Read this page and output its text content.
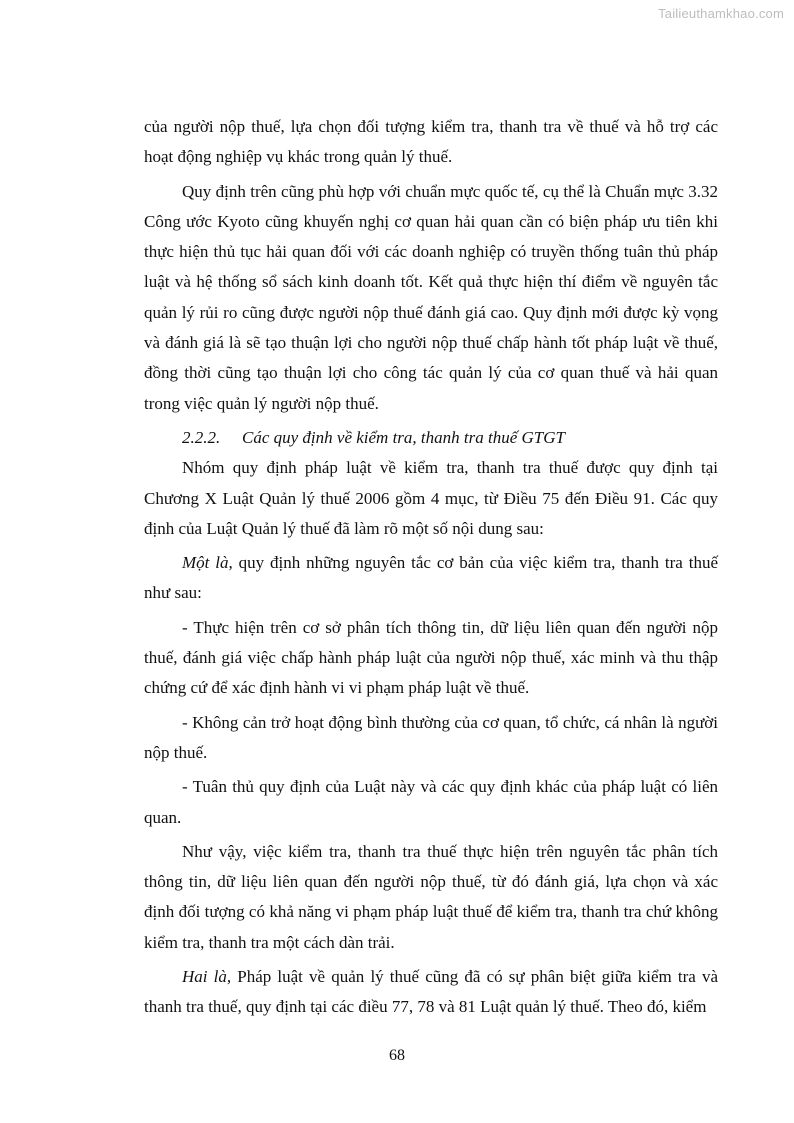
Tailieuthamkhao.com

của người nộp thuế, lựa chọn đối tượng kiểm tra, thanh tra về thuế và hỗ trợ các hoạt động nghiệp vụ khác trong quản lý thuế.

Quy định trên cũng phù hợp với chuẩn mực quốc tế, cụ thể là Chuẩn mực 3.32 Công ước Kyoto cũng khuyến nghị cơ quan hải quan cần có biện pháp ưu tiên khi thực hiện thủ tục hải quan đối với các doanh nghiệp có truyền thống tuân thủ pháp luật và hệ thống sổ sách kinh doanh tốt. Kết quả thực hiện thí điểm về nguyên tắc quản lý rủi ro cũng được người nộp thuế đánh giá cao. Quy định mới được kỳ vọng và đánh giá là sẽ tạo thuận lợi cho người nộp thuế chấp hành tốt pháp luật về thuế, đồng thời cũng tạo thuận lợi cho công tác quản lý của cơ quan thuế và hải quan trong việc quản lý người nộp thuế.

2.2.2. Các quy định về kiểm tra, thanh tra thuế GTGT

Nhóm quy định pháp luật về kiểm tra, thanh tra thuế được quy định tại Chương X Luật Quản lý thuế 2006 gồm 4 mục, từ Điều 75 đến Điều 91. Các quy định của Luật Quản lý thuế đã làm rõ một số nội dung sau:

Một là, quy định những nguyên tắc cơ bản của việc kiểm tra, thanh tra thuế như sau:

- Thực hiện trên cơ sở phân tích thông tin, dữ liệu liên quan đến người nộp thuế, đánh giá việc chấp hành pháp luật của người nộp thuế, xác minh và thu thập chứng cứ để xác định hành vi vi phạm pháp luật về thuế.

- Không cản trở hoạt động bình thường của cơ quan, tổ chức, cá nhân là người nộp thuế.

- Tuân thủ quy định của Luật này và các quy định khác của pháp luật có liên quan.

Như vậy, việc kiểm tra, thanh tra thuế thực hiện trên nguyên tắc phân tích thông tin, dữ liệu liên quan đến người nộp thuế, từ đó đánh giá, lựa chọn và xác định đối tượng có khả năng vi phạm pháp luật thuế để kiểm tra, thanh tra chứ không kiểm tra, thanh tra một cách dàn trải.

Hai là, Pháp luật về quản lý thuế cũng đã có sự phân biệt giữa kiểm tra và thanh tra thuế, quy định tại các điều 77, 78 và 81 Luật quản lý thuế. Theo đó, kiểm

68
